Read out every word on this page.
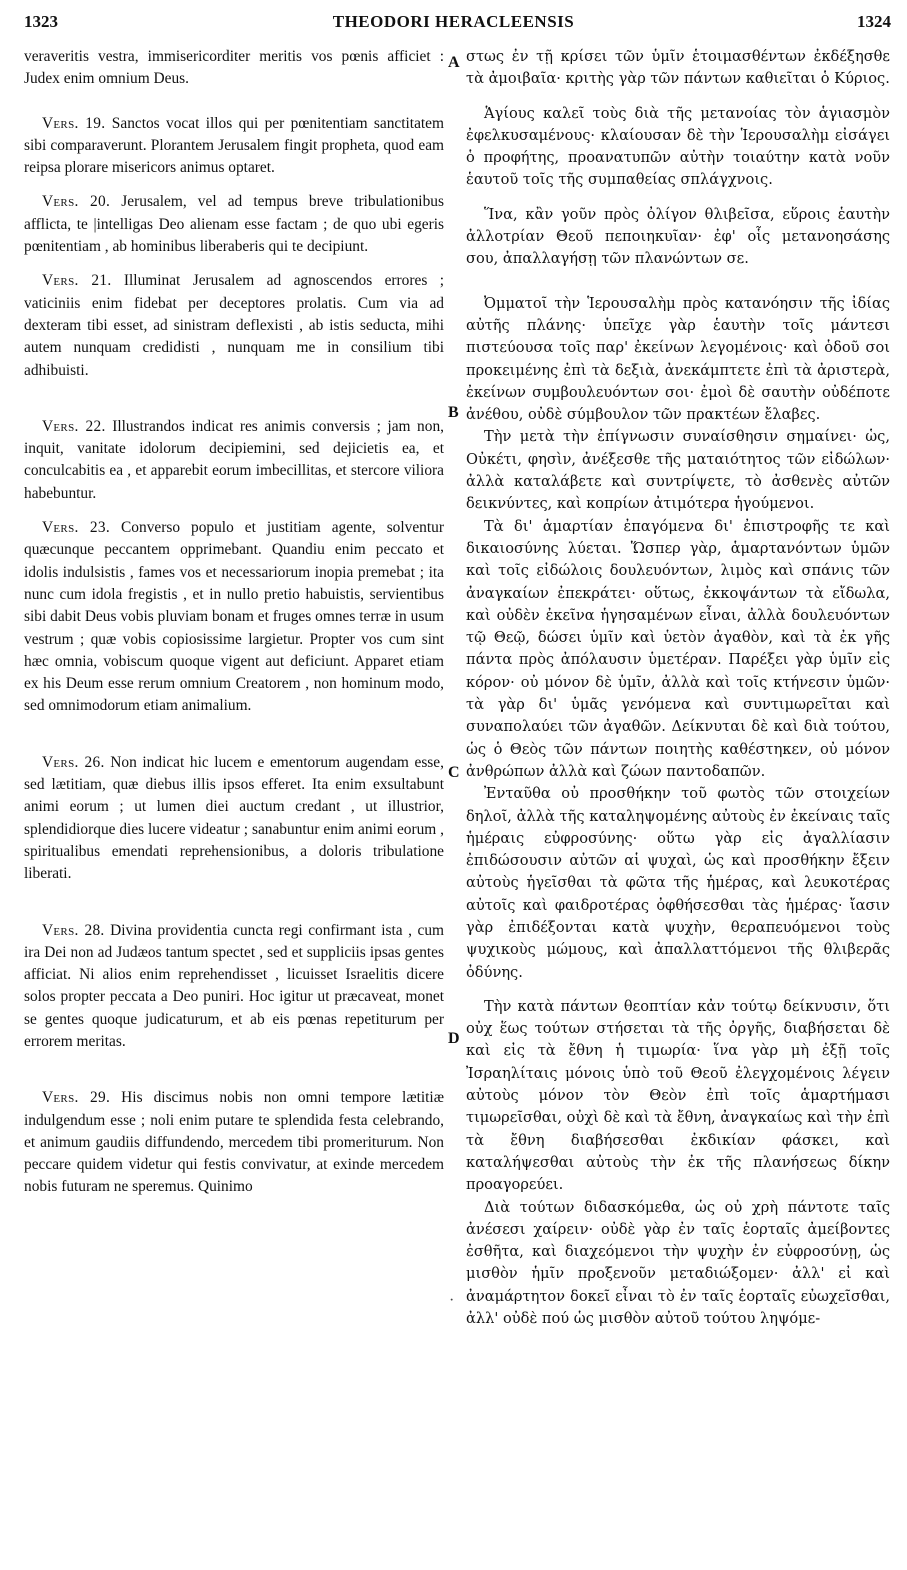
1323	THEODORI HERACLEENSIS	1324
A
B
C
D
·

veraveritis vestra, immisericorditer meritis vos pœnis afficiet : Judex enim omnium Deus.

Vers. 19. Sanctos vocat illos qui per pœnitentiam sanctitatem sibi comparaverunt. Plorantem Jerusalem fingit propheta, quod eam reipsa plorare misericors animus optaret.

Vers. 20. Jerusalem, vel ad tempus breve tribulationibus afflicta, te |intelligas Deo alienam esse factam ; de quo ubi egeris pœnitentiam , ab hominibus liberaberis qui te decipiunt.

Vers. 21. Illuminat Jerusalem ad agnoscendos errores ; vaticiniis enim fidebat per deceptores prolatis. Cum via ad dexteram tibi esset, ad sinistram deflexisti , ab istis seducta, mihi autem nunquam credidisti , nunquam me in consilium tibi adhibuisti.

Vers. 22. Illustrandos indicat res animis conversis ; jam non, inquit, vanitate idolorum decipiemini, sed dejicietis ea, et conculcabitis ea , et apparebit eorum imbecillitas, et stercore viliora habebuntur.

Vers. 23. Converso populo et justitiam agente, solventur quæcunque peccantem opprimebant. Quandiu enim peccato et idolis indulsistis , fames vos et necessariorum inopia premebat ; ita nunc cum idola fregistis , et in nullo pretio habuistis, servientibus sibi dabit Deus vobis pluviam bonam et fruges omnes terræ in usum vestrum ; quæ vobis copiosissime largietur. Propter vos cum sint hæc omnia, vobiscum quoque vigent aut deficiunt. Apparet etiam ex his Deum esse rerum omnium Creatorem , non hominum modo, sed omnimodorum etiam animalium.

Vers. 26. Non indicat hic lucem e ementorum augendam esse, sed lætitiam, quæ diebus illis ipsos efferet. Ita enim exsultabunt animi eorum ; ut lumen diei auctum credant , ut illustrior, splendidiorque dies lucere videatur ; sanabuntur enim animi eorum , spiritualibus emendati reprehensionibus, a doloris tribulatione liberati.

Vers. 28. Divina providentia cuncta regi confirmant ista , cum ira Dei non ad Judæos tantum spectet , sed et suppliciis ipsas gentes afficiat. Ni alios enim reprehendisset , licuisset Israelitis dicere solos propter peccata a Deo puniri. Hoc igitur ut præcaveat, monet se gentes quoque judicaturum, et ab eis pœnas repetiturum per errorem meritas.

Vers. 29. His discimus nobis non omni tempore lætitiæ indulgendum esse ; noli enim putare te splendida festa celebrando, et animum gaudiis diffundendo, mercedem tibi promeriturum. Non peccare quidem videtur qui festis convivatur, at exinde mercedem nobis futuram ne speremus. Quinimo

στως ἐν τῇ κρίσει τῶν ὑμῖν ἑτοιμασθέντων ἐκδέξησθε τὰ ἀμοιβαῖα· κριτὴς γὰρ τῶν πάντων καθιεῖται ὁ Κύριος.

Ἁγίους καλεῖ τοὺς διὰ τῆς μετανοίας τὸν ἁγιασμὸν ἐφελκυσαμένους· κλαίουσαν δὲ τὴν Ἱερουσαλὴμ εἰσάγει ὁ προφήτης, προανατυπῶν αὐτὴν τοιαύτην κατὰ νοῦν ἑαυτοῦ τοῖς τῆς συμπαθείας σπλάγχνοις.

Ἵνα, κἂν γοῦν πρὸς ὀλίγον θλιβεῖσα, εὕροις ἑαυτὴν ἀλλοτρίαν Θεοῦ πεποιηκυῖαν· ἐφ' οἷς μετανοησάσης σου, ἀπαλλαγήσῃ τῶν πλανώντων σε.

Ὀμματοῖ τὴν Ἱερουσαλὴμ πρὸς κατανόησιν τῆς ἰδίας αὐτῆς πλάνης· ὑπεῖχε γὰρ ἑαυτὴν τοῖς μάντεσι πιστεύουσα τοῖς παρ' ἐκείνων λεγομένοις· καὶ ὁδοῦ σοι προκειμένης ἐπὶ τὰ δεξιὰ, ἀνεκάμπτετε ἐπὶ τὰ ἀριστερὰ, ἐκείνων συμβουλευόντων σοι· ἐμοὶ δὲ σαυτὴν οὐδέποτε ἀνέθου, οὐδὲ σύμβουλον τῶν πρακτέων ἔλαβες.

Τὴν μετὰ τὴν ἐπίγνωσιν συναίσθησιν σημαίνει· ὡς, Οὐκέτι, φησὶν, ἀνέξεσθε τῆς ματαιότητος τῶν εἰδώλων· ἀλλὰ καταλάβετε καὶ συντρίψετε, τὸ ἀσθενὲς αὐτῶν δεικνύντες, καὶ κοπρίων ἀτιμότερα ἡγούμενοι.

Τὰ δι' ἁμαρτίαν ἐπαγόμενα δι' ἐπιστροφῆς τε καὶ δικαιοσύνης λύεται. Ὥσπερ γὰρ, ἁμαρτανόντων ὑμῶν καὶ τοῖς εἰδώλοις δουλευόντων, λιμὸς καὶ σπάνις τῶν ἀναγκαίων ἐπεκράτει· οὕτως, ἐκκοψάντων τὰ εἴδωλα, καὶ οὐδὲν ἐκεῖνα ἡγησαμένων εἶναι, ἀλλὰ δουλευόντων τῷ Θεῷ, δώσει ὑμῖν καὶ ὑετὸν ἀγαθὸν, καὶ τὰ ἐκ γῆς πάντα πρὸς ἀπόλαυσιν ὑμετέραν. Παρέξει γὰρ ὑμῖν εἰς κόρον· οὐ μόνον δὲ ὑμῖν, ἀλλὰ καὶ τοῖς κτήνεσιν ὑμῶν· τὰ γὰρ δι' ὑμᾶς γενόμενα καὶ συντιμωρεῖται καὶ συναπολαύει τῶν ἀγαθῶν. Δείκνυται δὲ καὶ διὰ τούτου, ὡς ὁ Θεὸς τῶν πάντων ποιητὴς καθέστηκεν, οὐ μόνον ἀνθρώπων ἀλλὰ καὶ ζώων παντοδαπῶν.

Ἐνταῦθα οὐ προσθήκην τοῦ φωτὸς τῶν στοιχείων δηλοῖ, ἀλλὰ τῆς καταληψομένης αὐτοὺς ἐν ἐκείναις ταῖς ἡμέραις εὐφροσύνης· οὕτω γὰρ εἰς ἀγαλλίασιν ἐπιδώσουσιν αὐτῶν αἱ ψυχαὶ, ὡς καὶ προσθήκην ἔξειν αὐτοὺς ἡγεῖσθαι τὰ φῶτα τῆς ἡμέρας, καὶ λευκοτέρας αὐτοῖς καὶ φαιδροτέρας ὀφθήσεσθαι τὰς ἡμέρας· ἴασιν γὰρ ἐπιδέξονται κατὰ ψυχὴν, θεραπευόμενοι τοὺς ψυχικοὺς μώμους, καὶ ἀπαλλαττόμενοι τῆς θλιβερᾶς ὀδύνης.

Τὴν κατὰ πάντων θεοπτίαν κἀν τούτῳ δείκνυσιν, ὅτι οὐχ ἕως τούτων στήσεται τὰ τῆς ὀργῆς, διαβήσεται δὲ καὶ εἰς τὰ ἔθνη ἡ τιμωρία· ἵνα γὰρ μὴ ἐξῇ τοῖς Ἰσραηλίταις μόνοις ὑπὸ τοῦ Θεοῦ ἐλεγχομένοις λέγειν αὐτοὺς μόνον τὸν Θεὸν ἐπὶ τοῖς ἁμαρτήμασι τιμωρεῖσθαι, οὐχὶ δὲ καὶ τὰ ἔθνη, ἀναγκαίως καὶ τὴν ἐπὶ τὰ ἔθνη διαβήσεσθαι ἐκδικίαν φάσκει, καὶ καταλήψεσθαι αὐτοὺς τὴν ἐκ τῆς πλανήσεως δίκην προαγορεύει.

Διὰ τούτων διδασκόμεθα, ὡς οὐ χρὴ πάντοτε ταῖς ἀνέσεσι χαίρειν· οὐδὲ γὰρ ἐν ταῖς ἑορταῖς ἀμείβοντες ἐσθῆτα, καὶ διαχεόμενοι τὴν ψυχὴν ἐν εὐφροσύνῃ, ὡς μισθὸν ἡμῖν προξενοῦν μεταδιώξομεν· ἀλλ' εἰ καὶ ἀναμάρτητον δοκεῖ εἶναι τὸ ἐν ταῖς ἑορταῖς εὐωχεῖσθαι, ἀλλ' οὐδὲ πού ὡς μισθὸν αὐτοῦ τούτου ληψόμε-
